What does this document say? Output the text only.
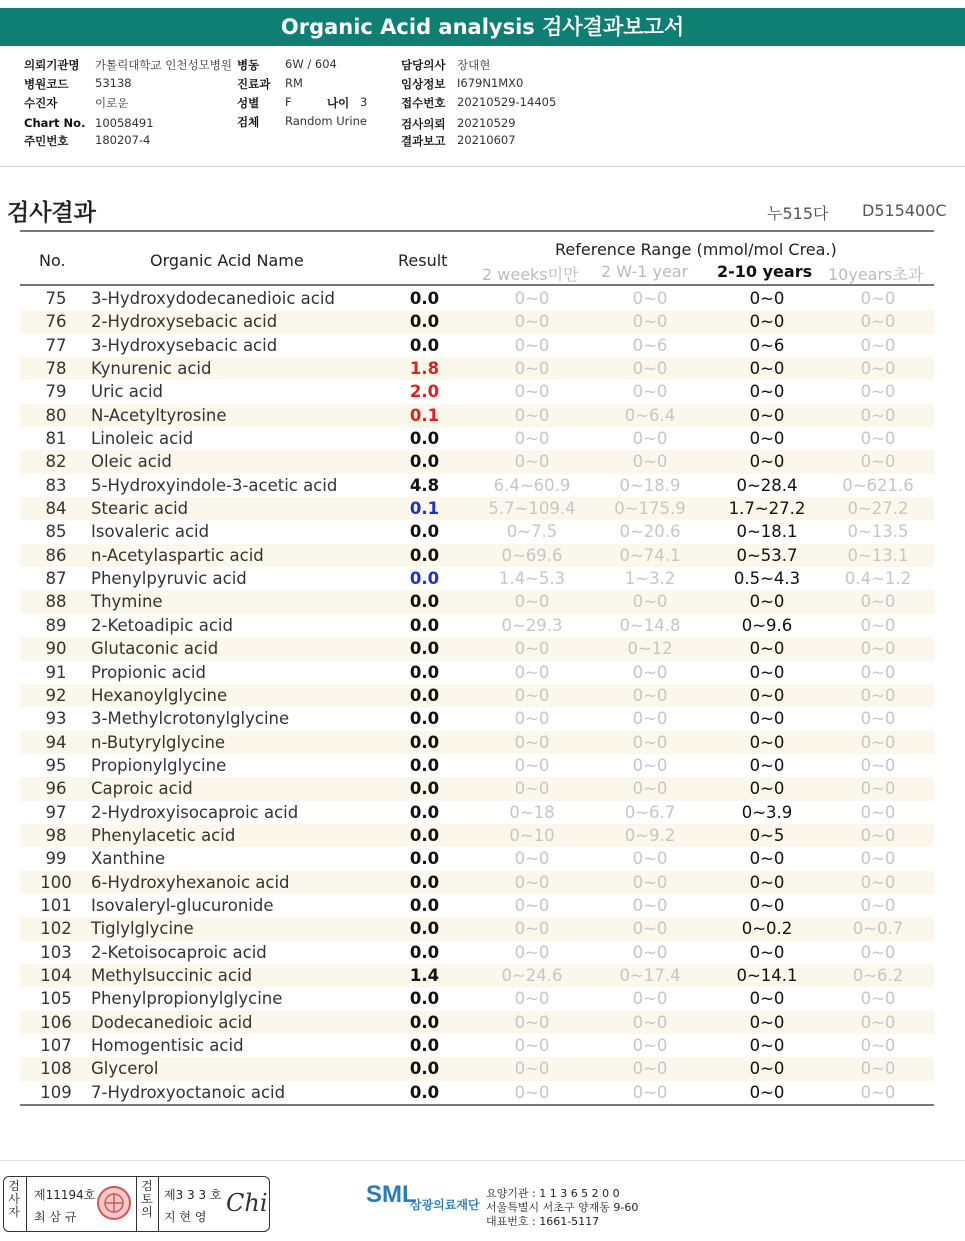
Organic Acid analysis 검사결과보고서
의뢰기관명 가톨릭대학교 인천성모병원
병원코드 53138
수진자	이로운
Chart No. 10058491
주민번호 180207-4
병동 6W / 604
진료과 RM
성별 F	나이 3
검체 Random Urine
담당의사 장대현
임상정보 I679N1MX0
접수번호 20210529-14405
검사의뢰 20210529
결과보고 20210607
검사결과	누515다 D515400C
No.	Organic Acid Name	Result
Reference Range (mmol/mol Crea.)
2 weeks미만 2 W-1 year 2-10 years 10years초과
75	3-Hydroxydodecanedioic acid	0.0	0~0	0~0	0~0	0~0
76	2-Hydroxysebacic acid	0.0	0~0	0~0	0~0	0~0
77	3-Hydroxysebacic acid	0.0	0~0	0~6	0~6	0~0
78	Kynurenic acid	1.8	0~0	0~0	0~0	0~0
79	Uric acid	2.0	0~0	0~0	0~0	0~0
80	N-Acetyltyrosine	0.1	0~0	0~6.4	0~0	0~0
81	Linoleic acid	0.0	0~0	0~0	0~0	0~0
82	Oleic acid	0.0	0~0	0~0	0~0	0~0
83	5-Hydroxyindole-3-acetic acid	4.8	6.4~60.9	0~18.9	0~28.4	0~621.6
84	Stearic acid	0.1	5.7~109.4	0~175.9	1.7~27.2	0~27.2
85	Isovaleric acid	0.0	0~7.5	0~20.6	0~18.1	0~13.5
86	n-Acetylaspartic acid	0.0	0~69.6	0~74.1	0~53.7	0~13.1
87	Phenylpyruvic acid	0.0	1.4~5.3	1~3.2	0.5~4.3	0.4~1.2
88	Thymine	0.0	0~0	0~0	0~0	0~0
89	2-Ketoadipic acid	0.0	0~29.3	0~14.8	0~9.6	0~0
90	Glutaconic acid	0.0	0~0	0~12	0~0	0~0
91	Propionic acid	0.0	0~0	0~0	0~0	0~0
92	Hexanoylglycine	0.0	0~0	0~0	0~0	0~0
93	3-Methylcrotonylglycine	0.0	0~0	0~0	0~0	0~0
94	n-Butyrylglycine	0.0	0~0	0~0	0~0	0~0
95	Propionylglycine	0.0	0~0	0~0	0~0	0~0
96	Caproic acid	0.0	0~0	0~0	0~0	0~0
97	2-Hydroxyisocaproic acid	0.0	0~18	0~6.7	0~3.9	0~0
98	Phenylacetic acid	0.0	0~10	0~9.2	0~5	0~0
99	Xanthine	0.0	0~0	0~0	0~0	0~0
100	6-Hydroxyhexanoic acid	0.0	0~0	0~0	0~0	0~0
101	Isovaleryl-glucuronide	0.0	0~0	0~0	0~0	0~0
102	Tiglylglycine	0.0	0~0	0~0	0~0.2	0~0.7
103	2-Ketoisocaproic acid	0.0	0~0	0~0	0~0	0~0
104	Methylsuccinic acid	1.4	0~24.6	0~17.4	0~14.1	0~6.2
105	Phenylpropionylglycine	0.0	0~0	0~0	0~0	0~0
106	Dodecanedioic acid	0.0	0~0	0~0	0~0	0~0
107	Homogentisic acid	0.0	0~0	0~0	0~0	0~0
108	Glycerol	0.0	0~0	0~0	0~0	0~0
109	7-Hydroxyoctanoic acid	0.0	0~0	0~0	0~0	0~0
검사자
제11194호
최 삼 규
검토의
제3 3 3 호
지 현 영 Chi	SML
삼광의료재단
요양기관 : 1 1 3 6 5 2 0 0
서울특별시 서초구 양재동 9-60
대표번호 : 1661-5117
